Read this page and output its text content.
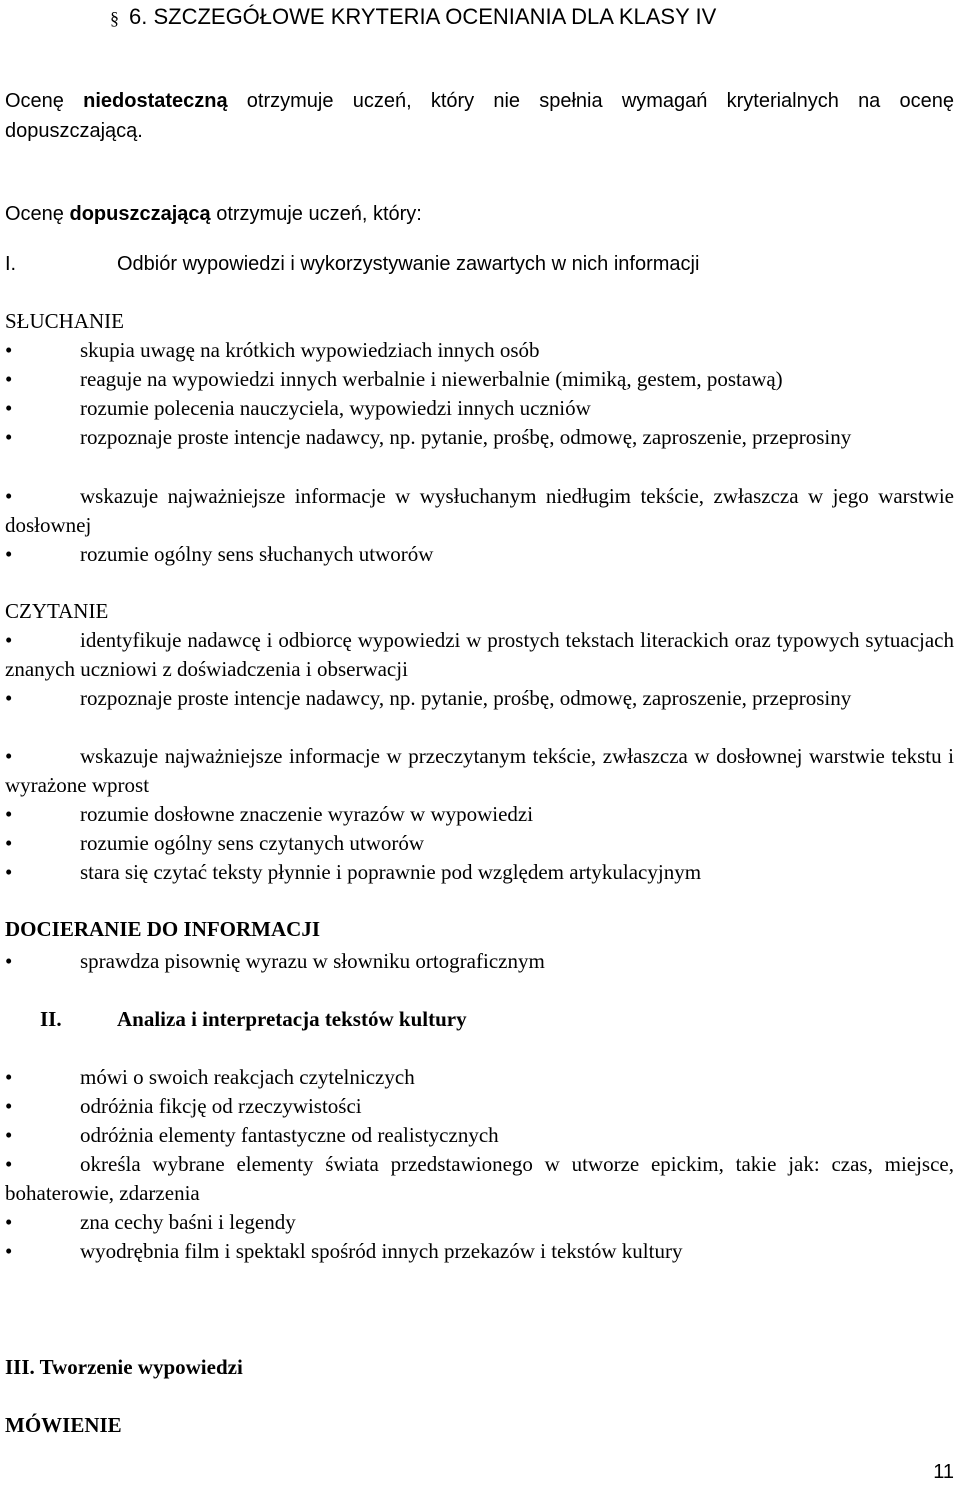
§ 6. SZCZEGÓŁOWE KRYTERIA OCENIANIA DLA KLASY IV
Ocenę niedostateczną otrzymuje uczeń, który nie spełnia wymagań kryterialnych na ocenę dopuszczającą.
Ocenę dopuszczającą otrzymuje uczeń, który:
I.	Odbiór wypowiedzi i wykorzystywanie zawartych w nich informacji
SŁUCHANIE
•	skupia uwagę na krótkich wypowiedziach innych osób
•	reaguje na wypowiedzi innych werbalnie i niewerbalnie (mimiką, gestem, postawą)
•	rozumie polecenia nauczyciela, wypowiedzi innych uczniów
•	rozpoznaje proste intencje nadawcy, np. pytanie, prośbę, odmowę, zaproszenie, przeprosiny
•	wskazuje najważniejsze informacje w wysłuchanym niedługim tekście, zwłaszcza w jego warstwie dosłownej
•	rozumie ogólny sens słuchanych utworów
CZYTANIE
•	identyfikuje nadawcę i odbiorcę wypowiedzi w prostych tekstach literackich oraz typowych sytuacjach znanych uczniowi z doświadczenia i obserwacji
•	rozpoznaje proste intencje nadawcy, np. pytanie, prośbę, odmowę, zaproszenie, przeprosiny
•	wskazuje najważniejsze informacje w przeczytanym tekście, zwłaszcza w dosłownej warstwie tekstu i wyrażone wprost
•	rozumie dosłowne znaczenie wyrazów w wypowiedzi
•	rozumie ogólny sens czytanych utworów
•	stara się czytać teksty płynnie i poprawnie pod względem artykulacyjnym
DOCIERANIE DO INFORMACJI
•	sprawdza pisownię wyrazu w słowniku ortograficznym
II.	Analiza i interpretacja tekstów kultury
•	mówi o swoich reakcjach czytelniczych
•	odróżnia fikcję od rzeczywistości
•	odróżnia elementy fantastyczne od realistycznych
•	określa wybrane elementy świata przedstawionego w utworze epickim, takie jak: czas, miejsce, bohaterowie, zdarzenia
•	zna cechy baśni i legendy
•	wyodrębnia film i spektakl spośród innych przekazów i tekstów kultury
III. Tworzenie wypowiedzi
MÓWIENIE
11
